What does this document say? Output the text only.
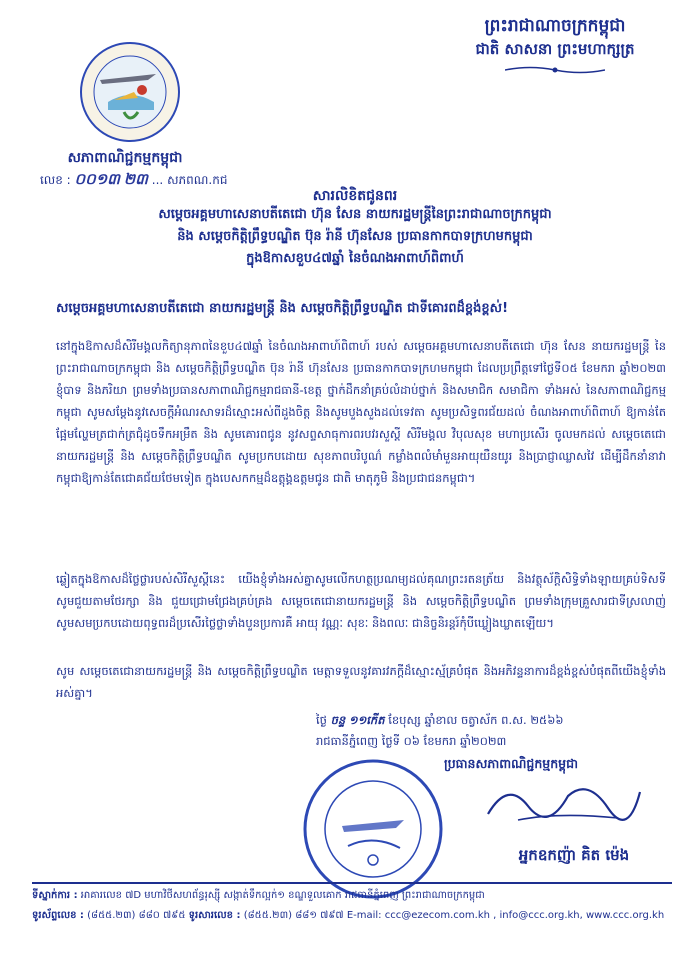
ព្រះរាជាណាចក្រកម្ពុជា
ជាតិ សាសនា ព្រះមហាក្សត្រ
សភាពាណិជ្ជកម្មកម្ពុជា
លេខ : ០០១៣ ២៣ ... សភពណ.កជ
សារលិខិតជូនពរ
សម្តេចអគ្គមហាសេនាបតីតេជោ ហ៊ុន សែន នាយករដ្ឋមន្ត្រីនៃព្រះរាជាណាចក្រកម្ពុជា
និង សម្តេចកិត្តិព្រឹទ្ធបណ្ឌិត ប៊ុន រ៉ានី ហ៊ុនសែន ប្រធានកាកបាទក្រហមកម្ពុជា
ក្នុងឱកាសខួប៤៧ឆ្នាំ នៃចំណងអាពាហ៍ពិពាហ៍
សម្តេចអគ្គមហាសេនាបតីតេជោ នាយករដ្ឋមន្ត្រី និង សម្តេចកិត្តិព្រឹទ្ធបណ្ឌិត ជាទីគោរពដ៏ខ្ពង់ខ្ពស់!
នៅក្នុងឱកាសដ៏សិរីមង្គលកិត្យានុភាពនៃខួប៤៧ឆ្នាំ នៃចំណងអាពាហ៍ពិពាហ៍ របស់ សម្តេចអគ្គមហាសេនាបតីតេជោ ហ៊ុន សែន នាយករដ្ឋមន្ត្រី នៃព្រះរាជាណាចក្រកម្ពុជា និង សម្តេចកិត្តិព្រឹទ្ធបណ្ឌិត ប៊ុន រ៉ានី ហ៊ុនសែន ប្រធានកាកបាទក្រហមកម្ពុជា ដែលប្រព្រឹត្តទៅថ្ងៃទី០៥ ខែមករា ឆ្នាំ២០២៣ ខ្ញុំបាទ និងភរិយា ព្រមទាំងប្រធានសភាពាណិជ្ជកម្មរាជធានី-ខេត្ត ថ្នាក់ដឹកនាំគ្រប់លំដាប់ថ្នាក់ និងសមាជិក សមាជិកា ទាំងអស់ នៃសភាពាណិជ្ជកម្មកម្ពុជា សូមសម្តែងនូវសេចក្តីអំណរសាទរដ៏ស្មោះអស់ពីដួងចិត្ត និងសូមបួងសួងដល់ទេវតា សូមប្រសិទ្ធពរជ័យដល់ ចំណងអាពាហ៍ពិពាហ៍ ឱ្យកាន់តែផ្អែមល្ហែមត្រជាក់ត្រជុំដូចទឹកអម្រឹត និង សូមគោរពជូន នូវសព្ទសាធុការពរបវរសួស្តី សិរីមង្គល វិបុលសុខ មហាប្រសើរ ចូលមកដល់ សម្តេចតេជោនាយករដ្ឋមន្ត្រី និង សម្តេចកិត្តិព្រឹទ្ធបណ្ឌិត សូមប្រកបដោយ សុខភាពបរិបូណ៌ កម្លាំងពលំមាំមួនអាយុយឺនយូរ និងប្រាជ្ញាឈ្លាសវៃ ដើម្បីដឹកនាំនាវាកម្ពុជាឱ្យកាន់តែជោគជ័យថែមទៀត ក្នុងបេសកកម្មដ៏ឧត្តុង្គឧត្តមជូន ជាតិ មាតុភូមិ និងប្រជាជនកម្ពុជា។
ឆ្លៀតក្នុងឱកាសដ៏ថ្លៃថ្លារបស់សិរីសួស្តីនេះ យើងខ្ញុំទាំងអស់គ្នាសូមលើកហត្ថប្រណម្យដល់គុណព្រះរតនត្រ័យ និងវត្ថុស័ក្តិសិទ្ធិទាំងឡាយគ្រប់ទិសទី សូមជួយតាមថែរក្សា និង ជួយជ្រោមជ្រែងគ្រប់គ្រង សម្តេចតេជោនាយករដ្ឋមន្ត្រី និង សម្តេចកិត្តិព្រឹទ្ធបណ្ឌិត ព្រមទាំងក្រុមគ្រួសារជាទីស្រលាញ់ សូមសមប្រកបដោយពុទ្ធពរដ៏ប្រសើរថ្លៃថ្លាទាំងបួនប្រការគឺ អាយុ វណ្ណៈ សុខៈ និងពលៈ ជានិច្ចនិរន្តរ៍កុំបីឃ្លៀងឃ្លាតឡើយ។
សូម សម្តេចតេជោនាយករដ្ឋមន្ត្រី និង សម្តេចកិត្តិព្រឹទ្ធបណ្ឌិត មេត្តាទទួលនូវគារវភក្តីដ៏ស្មោះស្ម័គ្របំផុត និងអភិវន្ទនាការដ៏ខ្ពង់ខ្ពស់បំផុតពីយើងខ្ញុំទាំងអស់គ្នា។
ថ្ងៃ ចន្ទ ១១កើត ខែបុស្ស ឆ្នាំខាល ចត្វាស័ក ព.ស. ២៥៦៦
រាជធានីភ្នំពេញ ថ្ងៃទី ០៦ ខែមករា ឆ្នាំ២០២៣
ប្រធានសភាពាណិជ្ជកម្មកម្ពុជា
អ្នកឧកញ៉ា គិត ម៉េង
ទីស្នាក់ការ : អាគារលេខ ៧D មហាវិថីសហព័ន្ធរុស្ស៊ី សង្កាត់ទឹកល្អក់១ ខណ្ឌទួលគោក រាជធានីភ្នំពេញ ព្រះរាជាណាចក្រកម្ពុជា
ទូរស័ព្ទលេខ : (៨៥៥.២៣) ៨៨០ ៧៩៥ ទូរសារលេខ : (៨៥៥.២៣) ៨៨១ ៧៩៧ E-mail: ccc@ezecom.com.kh , info@ccc.org.kh, www.ccc.org.kh
